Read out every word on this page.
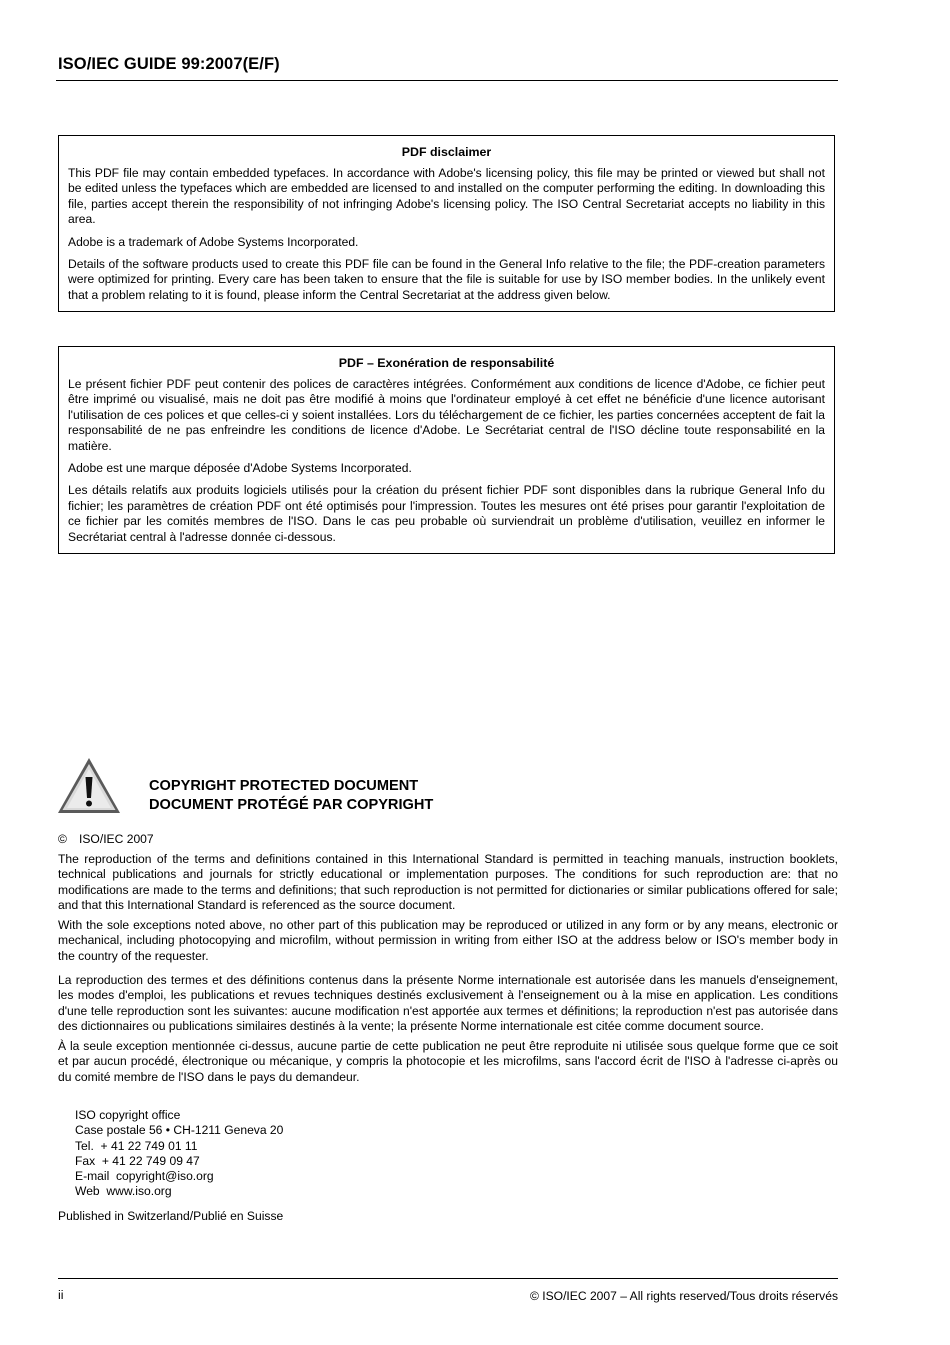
ISO/IEC GUIDE 99:2007(E/F)
PDF disclaimer

This PDF file may contain embedded typefaces. In accordance with Adobe's licensing policy, this file may be printed or viewed but shall not be edited unless the typefaces which are embedded are licensed to and installed on the computer performing the editing. In downloading this file, parties accept therein the responsibility of not infringing Adobe's licensing policy. The ISO Central Secretariat accepts no liability in this area.

Adobe is a trademark of Adobe Systems Incorporated.

Details of the software products used to create this PDF file can be found in the General Info relative to the file; the PDF-creation parameters were optimized for printing. Every care has been taken to ensure that the file is suitable for use by ISO member bodies. In the unlikely event that a problem relating to it is found, please inform the Central Secretariat at the address given below.

PDF – Exonération de responsabilité

Le présent fichier PDF peut contenir des polices de caractères intégrées. Conformément aux conditions de licence d'Adobe, ce fichier peut être imprimé ou visualisé, mais ne doit pas être modifié à moins que l'ordinateur employé à cet effet ne bénéficie d'une licence autorisant l'utilisation de ces polices et que celles-ci y soient installées. Lors du téléchargement de ce fichier, les parties concernées acceptent de fait la responsabilité de ne pas enfreindre les conditions de licence d'Adobe. Le Secrétariat central de l'ISO décline toute responsabilité en la matière.

Adobe est une marque déposée d'Adobe Systems Incorporated.

Les détails relatifs aux produits logiciels utilisés pour la création du présent fichier PDF sont disponibles dans la rubrique General Info du fichier; les paramètres de création PDF ont été optimisés pour l'impression. Toutes les mesures ont été prises pour garantir l'exploitation de ce fichier par les comités membres de l'ISO. Dans le cas peu probable où surviendrait un problème d'utilisation, veuillez en informer le Secrétariat central à l'adresse donnée ci-dessous.

COPYRIGHT PROTECTED DOCUMENT
DOCUMENT PROTÉGÉ PAR COPYRIGHT
© ISO/IEC 2007

The reproduction of the terms and definitions contained in this International Standard is permitted in teaching manuals, instruction booklets, technical publications and journals for strictly educational or implementation purposes. The conditions for such reproduction are: that no modifications are made to the terms and definitions; that such reproduction is not permitted for dictionaries or similar publications offered for sale; and that this International Standard is referenced as the source document.

With the sole exceptions noted above, no other part of this publication may be reproduced or utilized in any form or by any means, electronic or mechanical, including photocopying and microfilm, without permission in writing from either ISO at the address below or ISO's member body in the country of the requester.

La reproduction des termes et des définitions contenus dans la présente Norme internationale est autorisée dans les manuels d'enseignement, les modes d'emploi, les publications et revues techniques destinés exclusivement à l'enseignement ou à la mise en application. Les conditions d'une telle reproduction sont les suivantes: aucune modification n'est apportée aux termes et définitions; la reproduction n'est pas autorisée dans des dictionnaires ou publications similaires destinés à la vente; la présente Norme internationale est citée comme document source.

À la seule exception mentionnée ci-dessus, aucune partie de cette publication ne peut être reproduite ni utilisée sous quelque forme que ce soit et par aucun procédé, électronique ou mécanique, y compris la photocopie et les microfilms, sans l'accord écrit de l'ISO à l'adresse ci-après ou du comité membre de l'ISO dans le pays du demandeur.

ISO copyright office
Case postale 56 • CH-1211 Geneva 20
Tel.  + 41 22 749 01 11
Fax  + 41 22 749 09 47
E-mail  copyright@iso.org
Web  www.iso.org
Published in Switzerland/Publié en Suisse
ii	© ISO/IEC 2007 – All rights reserved/Tous droits réservés
